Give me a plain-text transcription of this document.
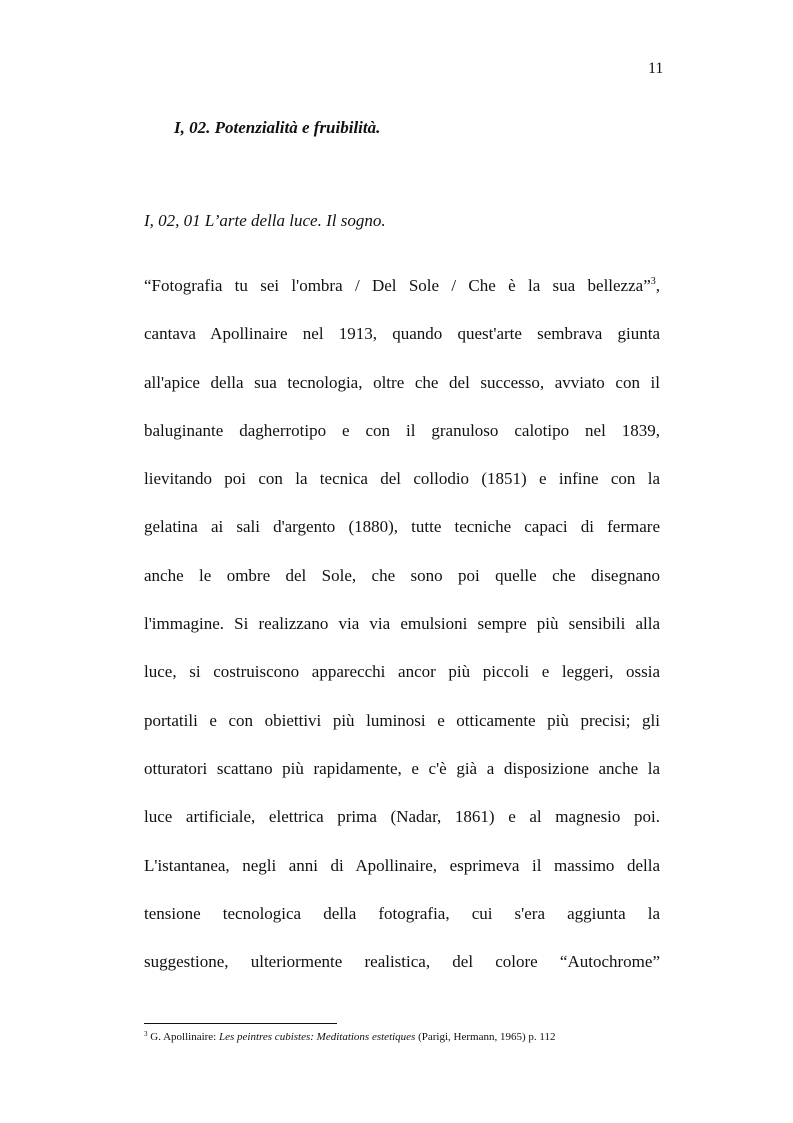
11
I, 02. Potenzialità e fruibilità.
I, 02, 01 L’arte della luce. Il sogno.
“Fotografia tu sei l'ombra / Del Sole / Che è la sua bellezza”$^3$,
cantava Apollinaire nel 1913, quando quest'arte sembrava giunta
all'apice della sua tecnologia, oltre che del successo, avviato con il
baluginante dagherrotipo e con il granuloso calotipo nel 1839,
lievitando poi con la tecnica del collodio (1851) e infine con la
gelatina ai sali d'argento (1880), tutte tecniche capaci di fermare
anche le ombre del Sole, che sono poi quelle che disegnano
l'immagine. Si realizzano via via emulsioni sempre più sensibili alla
luce, si costruiscono apparecchi ancor più piccoli e leggeri, ossia
portatili e con obiettivi più luminosi e otticamente più precisi; gli
otturatori scattano più rapidamente, e c'è già a disposizione anche la
luce artificiale, elettrica prima (Nadar, 1861) e al magnesio poi.
L'istantanea, negli anni di Apollinaire, esprimeva il massimo della
tensione tecnologica della fotografia, cui s'era aggiunta la
suggestione, ulteriormente realistica, del colore “Autochrome”
$^3$ G. Apollinaire: Les peintres cubistes: Meditations estetiques (Parigi, Hermann, 1965) p. 112
